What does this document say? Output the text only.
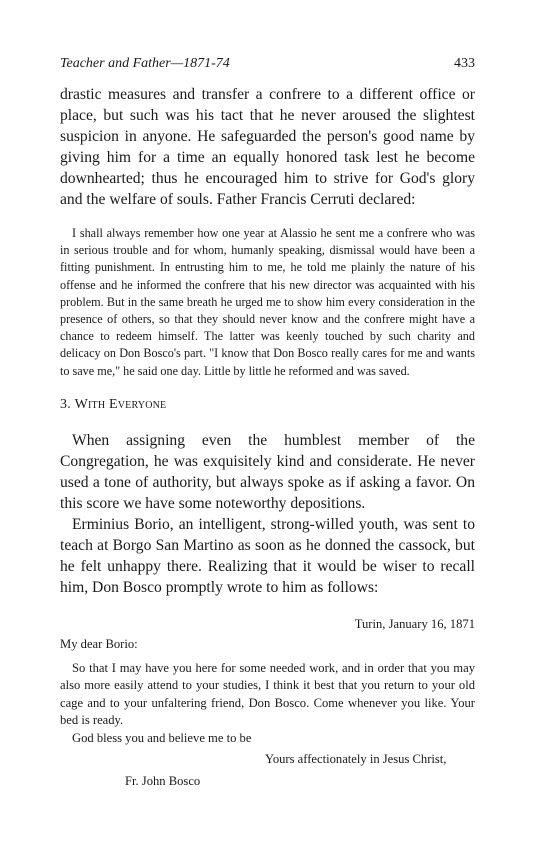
Teacher and Father—1871-74	433

drastic measures and transfer a confrere to a different office or place, but such was his tact that he never aroused the slightest suspicion in anyone. He safeguarded the person's good name by giving him for a time an equally honored task lest he become downhearted; thus he encouraged him to strive for God's glory and the welfare of souls. Father Francis Cerruti declared:

I shall always remember how one year at Alassio he sent me a confrere who was in serious trouble and for whom, humanly speaking, dismissal would have been a fitting punishment. In entrusting him to me, he told me plainly the nature of his offense and he informed the confrere that his new director was acquainted with his problem. But in the same breath he urged me to show him every consideration in the presence of others, so that they should never know and the confrere might have a chance to redeem himself. The latter was keenly touched by such charity and delicacy on Don Bosco's part. "I know that Don Bosco really cares for me and wants to save me," he said one day. Little by little he reformed and was saved.

3. With Everyone

When assigning even the humblest member of the Congregation, he was exquisitely kind and considerate. He never used a tone of authority, but always spoke as if asking a favor. On this score we have some noteworthy depositions.

Erminius Borio, an intelligent, strong-willed youth, was sent to teach at Borgo San Martino as soon as he donned the cassock, but he felt unhappy there. Realizing that it would be wiser to recall him, Don Bosco promptly wrote to him as follows:

Turin, January 16, 1871
My dear Borio:

So that I may have you here for some needed work, and in order that you may also more easily attend to your studies, I think it best that you return to your old cage and to your unfaltering friend, Don Bosco. Come whenever you like. Your bed is ready.

God bless you and believe me to be

Yours affectionately in Jesus Christ,
Fr. John Bosco
